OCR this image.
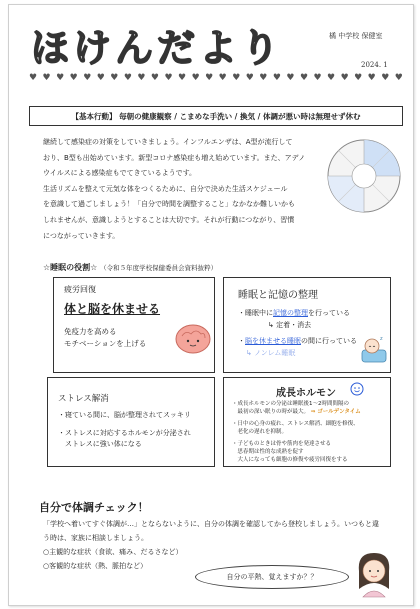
ほけんだより	橘 中学校 保健室
2024. 1
♥ ♥ ♥ ♥ ♥ ♥ ♥ ♥ ♥ ♥ ♥ ♥ ♥ ♥ ♥ ♥ ♥ ♥ ♥ ♥ ♥ ♥ ♥ ♥ ♥ ♥ ♥ ♥
【基本行動】 毎朝の健康観察 / こまめな手洗い / 換気 / 体調が悪い時は無理せず休む

継続して感染症の対策をしていきましょう。インフルエンザは、A型が流行して

おり、B型も出始めています。新型コロナ感染症も増え始めています。また、アデノ

ウイルスによる感染症もでてきているようです。

生活リズムを整えて元気な体をつくるために、自分で決めた生活スケジュール

を意識して過ごしましょう！「自分で時間を調整すること」なかなか難しいかも

しれませんが、意識しようとすることは大切です。それが行動につながり、習慣

につながっていきます。

☆睡眠の役割☆ （令和５年度学校保健委員会資料抜粋）
疲労回復
体と脳を休ませる
免疫力を高める
モチベーションを上げる
睡眠と記憶の整理
・睡眠中に記憶の整理を行っている
↳ 定着・消去
・脳を休ませる睡眠の間に行っている
↳ ノンレム睡眠
z
ストレス解消
・寝ている間に、脳が整理されてスッキリ
・ストレスに対応するホルモンが分泌され
　ストレスに強い体になる
成長ホルモン
・成長ホルモンの分泌は睡眠後1～2時間間隔の
　最初の深い眠りの時が最大。 ⇒ ゴールデンタイム
・日中の心身の疲れ、ストレス解消、細胞を修復、
　老化の遅れを抑制。
・子どものときは骨や筋肉を発達させる
　思春期は性的な成熟を促す
　大人になっても細胞の修復や疲労回復をする
自分で体調チェック！

「学校へ着いてすぐ体調が…」とならないように、自分の体調を確認してから登校しましょう。いつもと違

う時は、家族に相談しましょう。

○主観的な症状（食欲、痛み、だるさなど）

○客観的な症状（熱、脈拍など）

自分の平熱、覚えますか？？
